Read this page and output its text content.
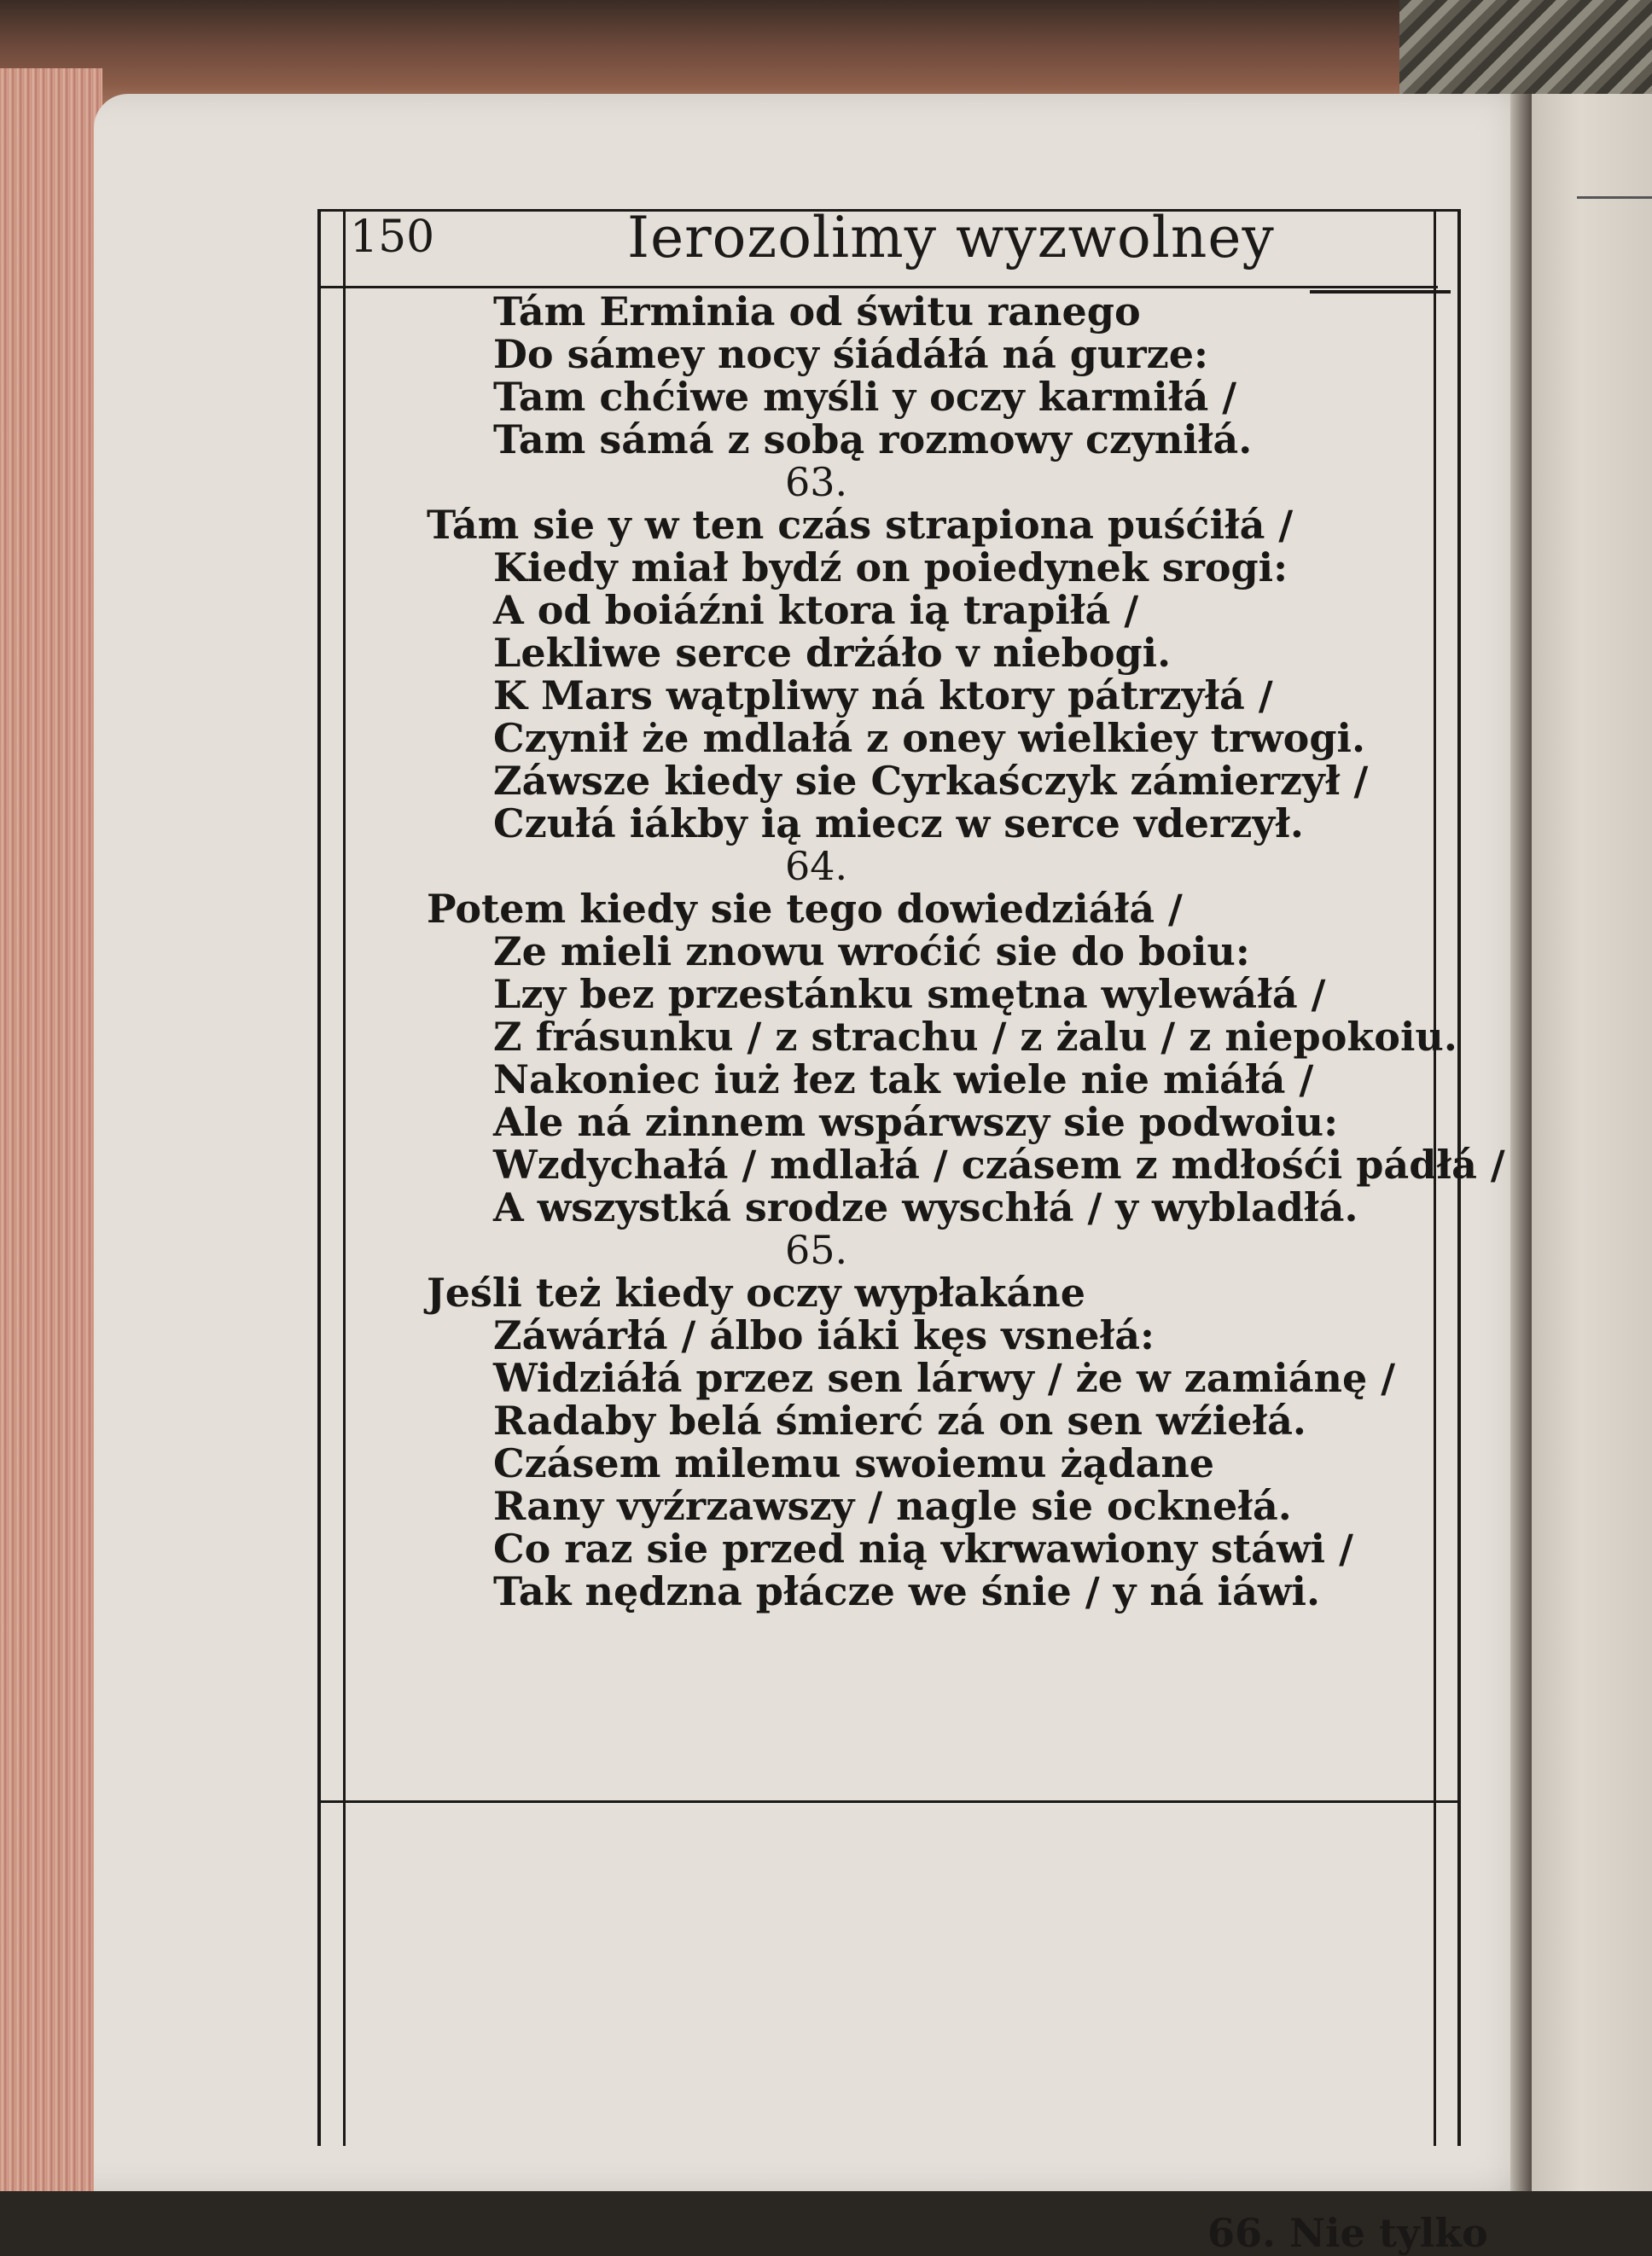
150	Ierozolimy wyzwolney
Tám Erminia od świtu ranego
Do sámey nocy śiádáłá ná gurze:
Tam chćiwe myśli y oczy karmiłá /
Tam sámá z sobą rozmowy czyniłá.
63.
Tám sie y w ten czás strapiona puśćiłá /
Kiedy miał bydź on poiedynek srogi:
A od boiáźni ktora ią trapiłá /
Lekliwe serce drżáło v niebogi.
K Mars wątpliwy ná ktory pátrzyłá /
Czynił że mdlałá z oney wielkiey trwogi.
Záwsze kiedy sie Cyrkaśczyk zámierzył /
Czułá iákby ią miecz w serce vderzył.
64.
Potem kiedy sie tego dowiedziáłá /
Ze mieli znowu wroćić sie do boiu:
Lzy bez przestánku smętna wylewáłá /
Z frásunku / z strachu / z żalu / z niepokoiu.
Nakoniec iuż łez tak wiele nie miáłá /
Ale ná zinnem wspárwszy sie podwoiu:
Wzdychałá / mdlałá / czásem z mdłośći pádłá /
A wszystká srodze wyschłá / y wybladłá.
65.
Jeśli też kiedy oczy wypłakáne
Záwárłá / álbo iáki kęs vsnełá:
Widziáłá przez sen lárwy / że w zamiánę /
Radaby belá śmierć zá on sen wźiełá.
Czásem milemu swoiemu żądane
Rany vyźrzawszy / nagle sie ocknełá.
Co raz sie przed nią vkrwawiony stáwi /
Tak nędzna płácze we śnie / y ná iáwi.
66. Nie tylko
